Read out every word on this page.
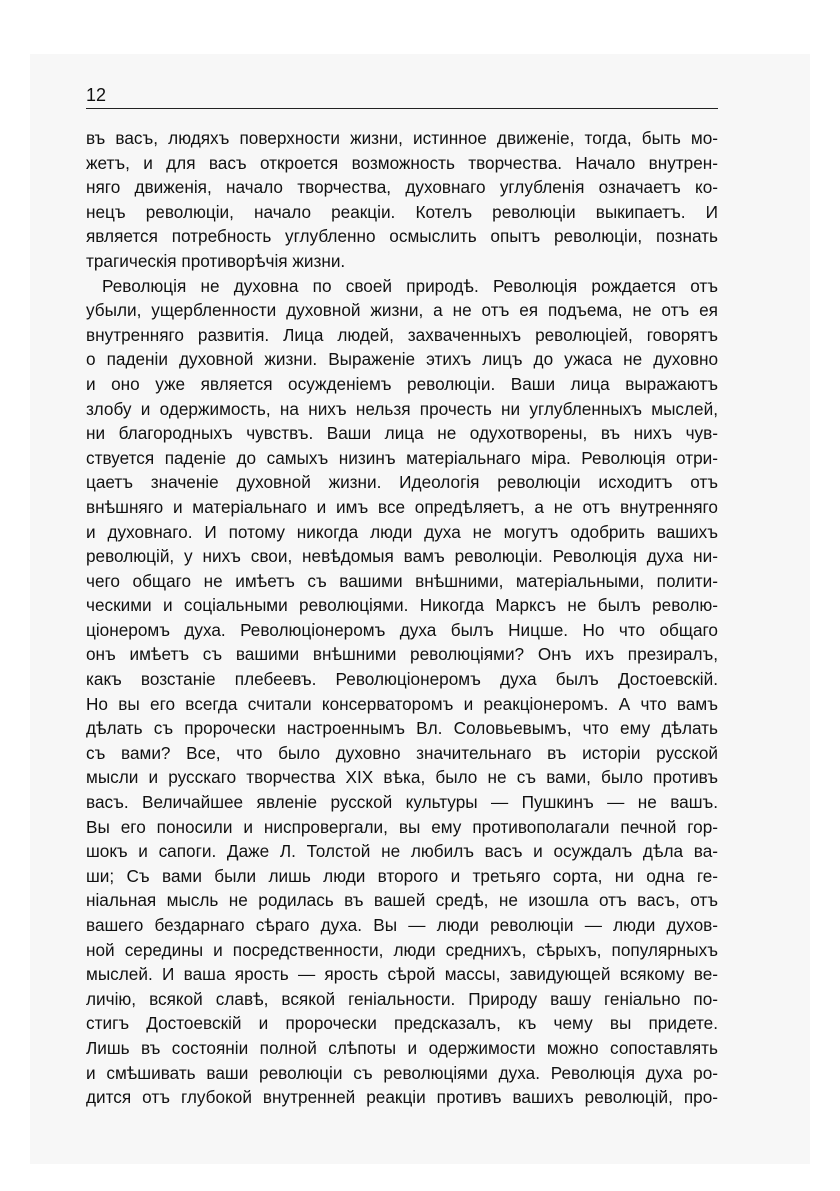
12

въ васъ, людяхъ поверхности жизни, истинное движеніе, тогда, быть мо-

жетъ, и для васъ откроется возможность творчества. Начало внутрен-

няго движенія, начало творчества, духовнаго углубленія означаетъ ко-

нецъ революціи, начало реакціи. Котелъ революціи выкипаетъ. И

является потребность углубленно осмыслить опытъ революціи, познать

трагическія противорѣчія жизни.

Революція не духовна по своей природѣ. Революція рождается отъ

убыли, ущербленности духовной жизни, а не отъ ея подъема, не отъ ея

внутренняго развитія. Лица людей, захваченныхъ революціей, говорятъ

о паденіи духовной жизни. Выраженіе этихъ лицъ до ужаса не духовно

и оно уже является осужденіемъ революціи. Ваши лица выражаютъ

злобу и одержимость, на нихъ нельзя прочесть ни углубленныхъ мыслей,

ни благородныхъ чувствъ. Ваши лица не одухотворены, въ нихъ чув-

ствуется паденіе до самыхъ низинъ матеріальнаго міра. Революція отри-

цаетъ значеніе духовной жизни. Идеологія революціи исходитъ отъ

внѣшняго и матеріальнаго и имъ все опредѣляетъ, а не отъ внутренняго

и духовнаго. И потому никогда люди духа не могутъ одобрить вашихъ

революцій, у нихъ свои, невѣдомыя вамъ революціи. Революція духа ни-

чего общаго не имѣетъ съ вашими внѣшними, матеріальными, полити-

ческими и соціальными революціями. Никогда Марксъ не былъ револю-

ціонеромъ духа. Революціонеромъ духа былъ Ницше. Но что общаго

онъ имѣетъ съ вашими внѣшними революціями? Онъ ихъ презиралъ,

какъ возстаніе плебеевъ. Революціонеромъ духа былъ Достоевскій.

Но вы его всегда считали консерваторомъ и реакціонеромъ. А что вамъ

дѣлать съ пророчески настроеннымъ Вл. Соловьевымъ, что ему дѣлать

съ вами? Все, что было духовно значительнаго въ исторіи русской

мысли и русскаго творчества XIX вѣка, было не съ вами, было противъ

васъ. Величайшее явленіе русской культуры — Пушкинъ — не вашъ.

Вы его поносили и ниспровергали, вы ему противополагали печной гор-

шокъ и сапоги. Даже Л. Толстой не любилъ васъ и осуждалъ дѣла ва-

ши; Съ вами были лишь люди второго и третьяго сорта, ни одна ге-

ніальная мысль не родилась въ вашей средѣ, не изошла отъ васъ, отъ

вашего бездарнаго сѣраго духа. Вы — люди революціи — люди духов-

ной середины и посредственности, люди среднихъ, сѣрыхъ, популярныхъ

мыслей. И ваша ярость — ярость сѣрой массы, завидующей всякому ве-

личію, всякой славѣ, всякой геніальности. Природу вашу геніально по-

стигъ Достоевскій и пророчески предсказалъ, къ чему вы придете.

Лишь въ состояніи полной слѣпоты и одержимости можно сопоставлять

и смѣшивать ваши революціи съ революціями духа. Революція духа ро-

дится отъ глубокой внутренней реакціи противъ вашихъ революцій, про-
